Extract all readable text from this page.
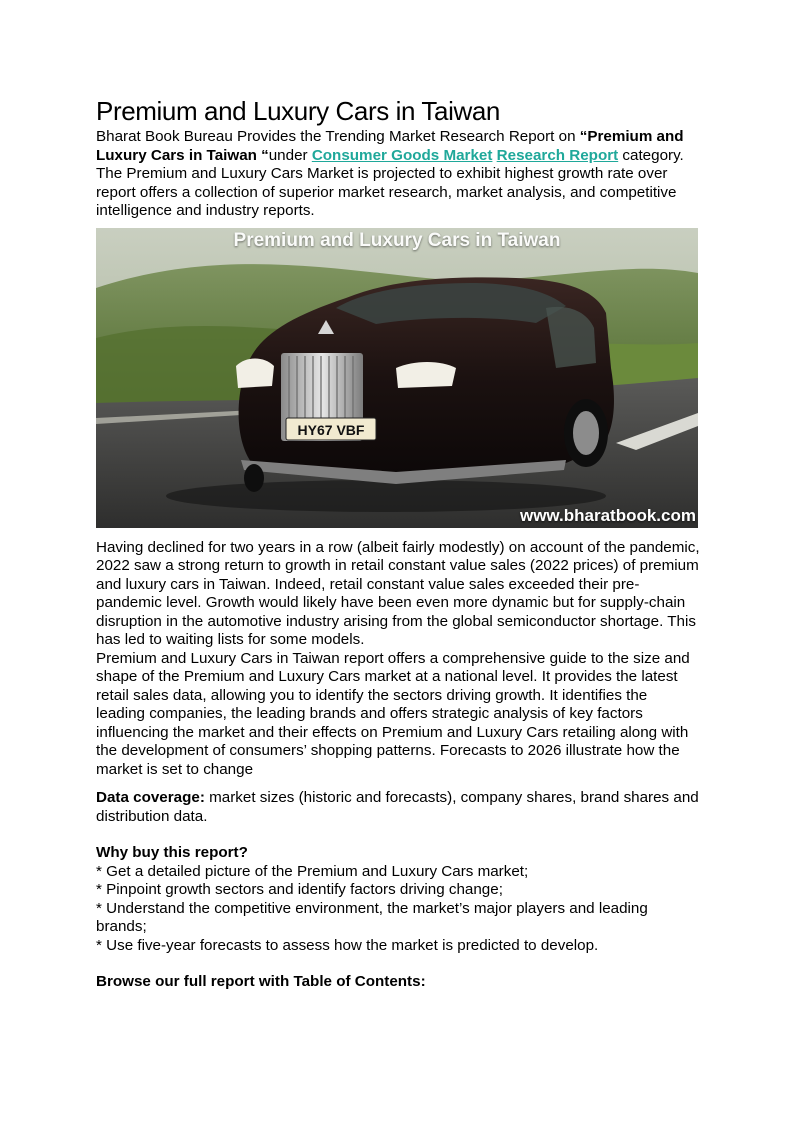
Premium and Luxury Cars in Taiwan

Bharat Book Bureau Provides the Trending Market Research Report on “Premium and Luxury Cars in Taiwan “under Consumer Goods Market Research Report category. The Premium and Luxury Cars Market is projected to exhibit highest growth rate over report offers a collection of superior market research, market analysis, and competitive intelligence and industry reports.

HY67 VBF
Premium and Luxury Cars in Taiwan
www.bharatbook.com

Having declined for two years in a row (albeit fairly modestly) on account of the pandemic, 2022 saw a strong return to growth in retail constant value sales (2022 prices) of premium and luxury cars in Taiwan. Indeed, retail constant value sales exceeded their pre-pandemic level. Growth would likely have been even more dynamic but for supply-chain disruption in the automotive industry arising from the global semiconductor shortage. This has led to waiting lists for some models.

Premium and Luxury Cars in Taiwan report offers a comprehensive guide to the size and shape of the Premium and Luxury Cars market at a national level. It provides the latest retail sales data, allowing you to identify the sectors driving growth. It identifies the leading companies, the leading brands and offers strategic analysis of key factors influencing the market and their effects on Premium and Luxury Cars retailing along with the development of consumers’ shopping patterns. Forecasts to 2026 illustrate how the market is set to change

Data coverage: market sizes (historic and forecasts), company shares, brand shares and distribution data.

Why buy this report?

* Get a detailed picture of the Premium and Luxury Cars market;

* Pinpoint growth sectors and identify factors driving change;

* Understand the competitive environment, the market’s major players and leading brands;

* Use five-year forecasts to assess how the market is predicted to develop.

Browse our full report with Table of Contents:
